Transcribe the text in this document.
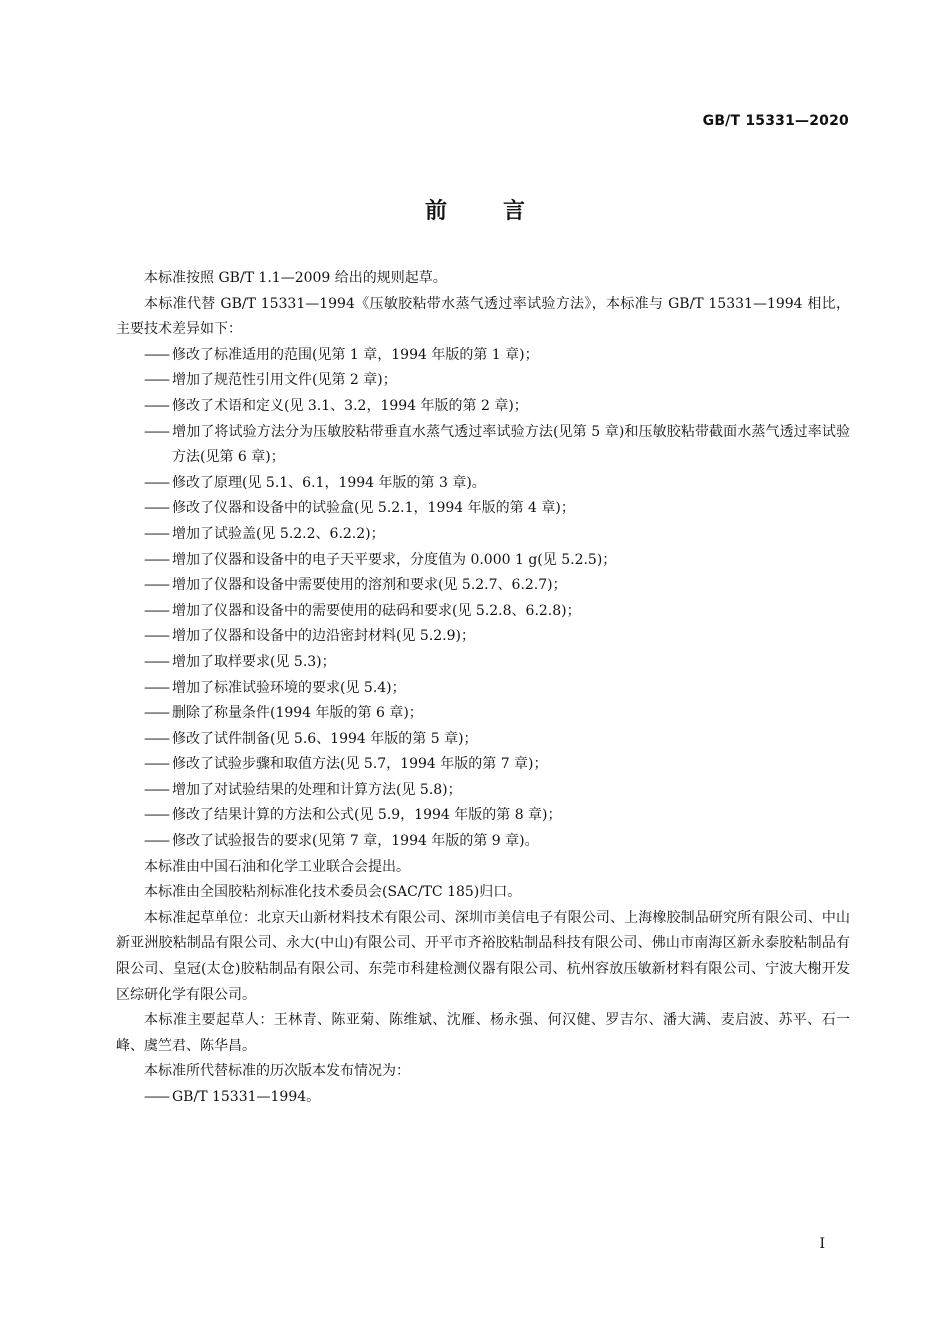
GB/T 15331—2020
前言

本标准按照 GB/T 1.1—2009 给出的规则起草。

本标准代替 GB/T 15331—1994《压敏胶粘带水蒸气透过率试验方法》，本标准与 GB/T 15331—1994 相比，主要技术差异如下：

—— 修改了标准适用的范围(见第 1 章，1994 年版的第 1 章)；

—— 增加了规范性引用文件(见第 2 章)；

—— 修改了术语和定义(见 3.1、3.2，1994 年版的第 2 章)；

—— 增加了将试验方法分为压敏胶粘带垂直水蒸气透过率试验方法(见第 5 章)和压敏胶粘带截面水蒸气透过率试验方法(见第 6 章)；

—— 修改了原理(见 5.1、6.1，1994 年版的第 3 章)。

—— 修改了仪器和设备中的试验盒(见 5.2.1，1994 年版的第 4 章)；

—— 增加了试验盖(见 5.2.2、6.2.2)；

—— 增加了仪器和设备中的电子天平要求，分度值为 0.000 1 g(见 5.2.5)；

—— 增加了仪器和设备中需要使用的溶剂和要求(见 5.2.7、6.2.7)；

—— 增加了仪器和设备中的需要使用的砝码和要求(见 5.2.8、6.2.8)；

—— 增加了仪器和设备中的边沿密封材料(见 5.2.9)；

—— 增加了取样要求(见 5.3)；

—— 增加了标准试验环境的要求(见 5.4)；

—— 删除了称量条件(1994 年版的第 6 章)；

—— 修改了试件制备(见 5.6、1994 年版的第 5 章)；

—— 修改了试验步骤和取值方法(见 5.7，1994 年版的第 7 章)；

—— 增加了对试验结果的处理和计算方法(见 5.8)；

—— 修改了结果计算的方法和公式(见 5.9，1994 年版的第 8 章)；

—— 修改了试验报告的要求(见第 7 章，1994 年版的第 9 章)。

本标准由中国石油和化学工业联合会提出。

本标准由全国胶粘剂标准化技术委员会(SAC/TC 185)归口。

本标准起草单位：北京天山新材料技术有限公司、深圳市美信电子有限公司、上海橡胶制品研究所有限公司、中山新亚洲胶粘制品有限公司、永大(中山)有限公司、开平市齐裕胶粘制品科技有限公司、佛山市南海区新永泰胶粘制品有限公司、皇冠(太仓)胶粘制品有限公司、东莞市科建检测仪器有限公司、杭州容放压敏新材料有限公司、宁波大榭开发区综研化学有限公司。

本标准主要起草人：王林青、陈亚菊、陈维斌、沈雁、杨永强、何汉健、罗吉尔、潘大满、麦启波、苏平、石一峰、虞竺君、陈华昌。

本标准所代替标准的历次版本发布情况为：

—— GB/T 15331—1994。

I
